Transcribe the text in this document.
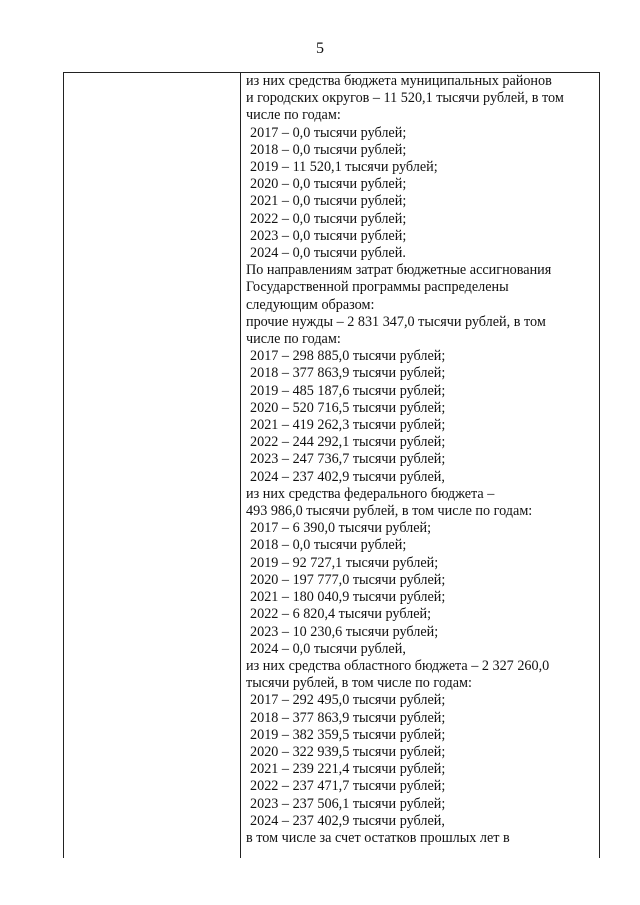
5
из них средства бюджета муниципальных районов
и городских округов – 11 520,1 тысячи рублей, в том
числе по годам:
2017 – 0,0 тысячи рублей;
2018 – 0,0 тысячи рублей;
2019 – 11 520,1 тысячи рублей;
2020 – 0,0 тысячи рублей;
2021 – 0,0 тысячи рублей;
2022 – 0,0 тысячи рублей;
2023 – 0,0 тысячи рублей;
2024 – 0,0 тысячи рублей.
По направлениям затрат бюджетные ассигнования
Государственной программы распределены
следующим образом:
прочие нужды – 2 831 347,0 тысячи рублей, в том
числе по годам:
2017 – 298 885,0 тысячи рублей;
2018 – 377 863,9 тысячи рублей;
2019 – 485 187,6 тысячи рублей;
2020 – 520 716,5 тысячи рублей;
2021 – 419 262,3 тысячи рублей;
2022 – 244 292,1 тысячи рублей;
2023 – 247 736,7 тысячи рублей;
2024 – 237 402,9 тысячи рублей,
из них средства федерального бюджета –
493 986,0 тысячи рублей, в том числе по годам:
2017 – 6 390,0 тысячи рублей;
2018 – 0,0 тысячи рублей;
2019 – 92 727,1 тысячи рублей;
2020 – 197 777,0 тысячи рублей;
2021 – 180 040,9 тысячи рублей;
2022 – 6 820,4 тысячи рублей;
2023 – 10 230,6 тысячи рублей;
2024 – 0,0 тысячи рублей,
из них средства областного бюджета – 2 327 260,0
тысячи рублей, в том числе по годам:
2017 – 292 495,0 тысячи рублей;
2018 – 377 863,9 тысячи рублей;
2019 – 382 359,5 тысячи рублей;
2020 – 322 939,5 тысячи рублей;
2021 – 239 221,4 тысячи рублей;
2022 – 237 471,7 тысячи рублей;
2023 – 237 506,1 тысячи рублей;
2024 – 237 402,9 тысячи рублей,
в том числе за счет остатков прошлых лет в
